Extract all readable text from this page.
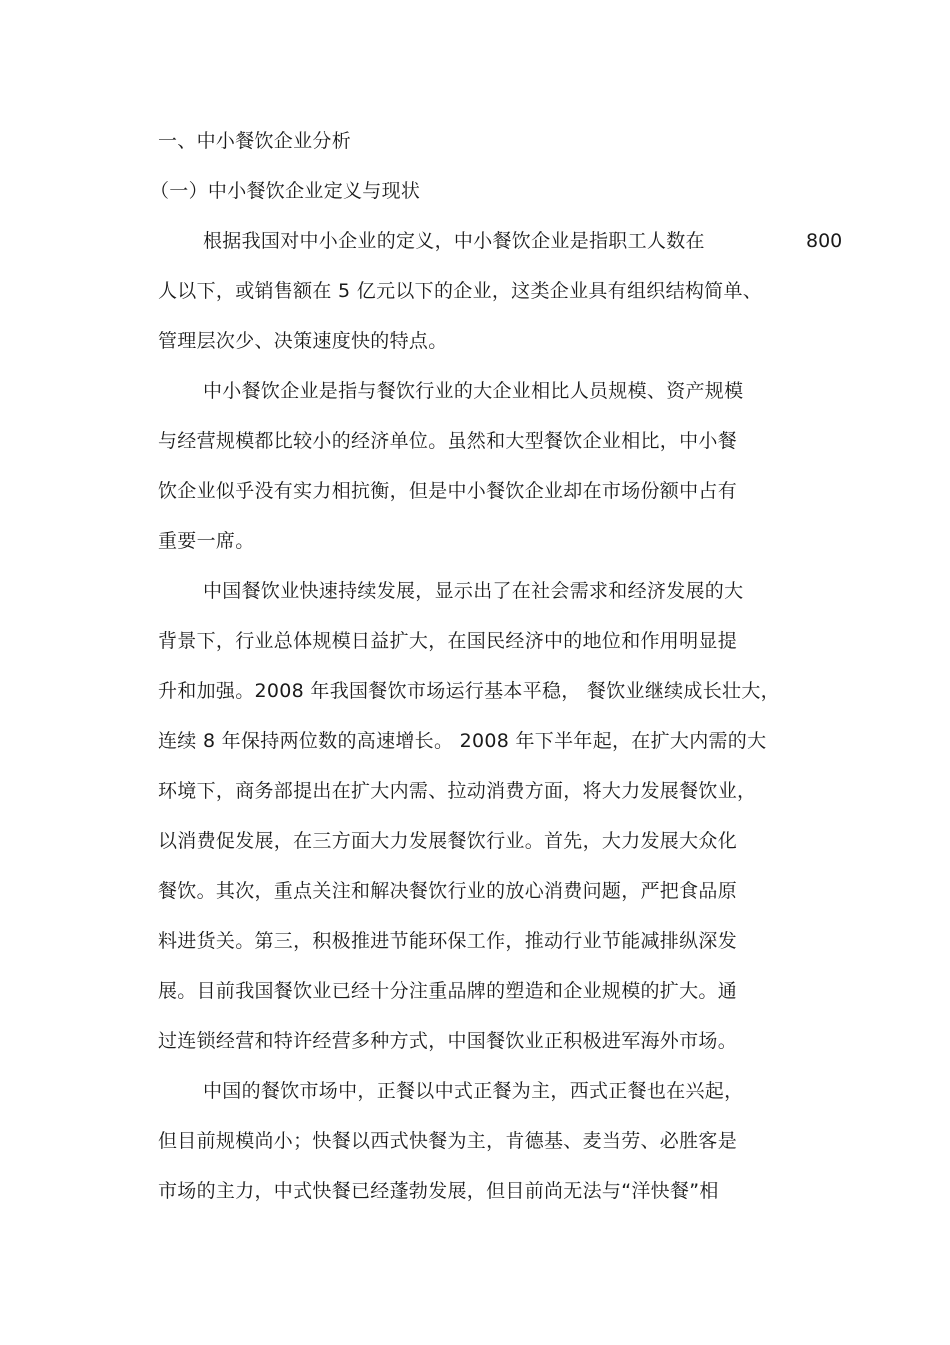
一、中小餐饮企业分析
（一）中小餐饮企业定义与现状
根据我国对中小企业的定义，中小餐饮企业是指职工人数在	800
人以下，或销售额在 5 亿元以下的企业，这类企业具有组织结构简单、
管理层次少、决策速度快的特点。
中小餐饮企业是指与餐饮行业的大企业相比人员规模、资产规模
与经营规模都比较小的经济单位。虽然和大型餐饮企业相比，中小餐
饮企业似乎没有实力相抗衡，但是中小餐饮企业却在市场份额中占有
重要一席。
中国餐饮业快速持续发展，显示出了在社会需求和经济发展的大
背景下，行业总体规模日益扩大，在国民经济中的地位和作用明显提
升和加强。2008 年我国餐饮市场运行基本平稳， 餐饮业继续成长壮大，
连续 8 年保持两位数的高速增长。 2008 年下半年起，在扩大内需的大
环境下，商务部提出在扩大内需、拉动消费方面，将大力发展餐饮业，
以消费促发展，在三方面大力发展餐饮行业。首先，大力发展大众化
餐饮。其次，重点关注和解决餐饮行业的放心消费问题，严把食品原
料进货关。第三，积极推进节能环保工作，推动行业节能减排纵深发
展。目前我国餐饮业已经十分注重品牌的塑造和企业规模的扩大。通
过连锁经营和特许经营多种方式，中国餐饮业正积极进军海外市场。
中国的餐饮市场中，正餐以中式正餐为主，西式正餐也在兴起，
但目前规模尚小；快餐以西式快餐为主，肯德基、麦当劳、必胜客是
市场的主力，中式快餐已经蓬勃发展，但目前尚无法与“洋快餐”相
